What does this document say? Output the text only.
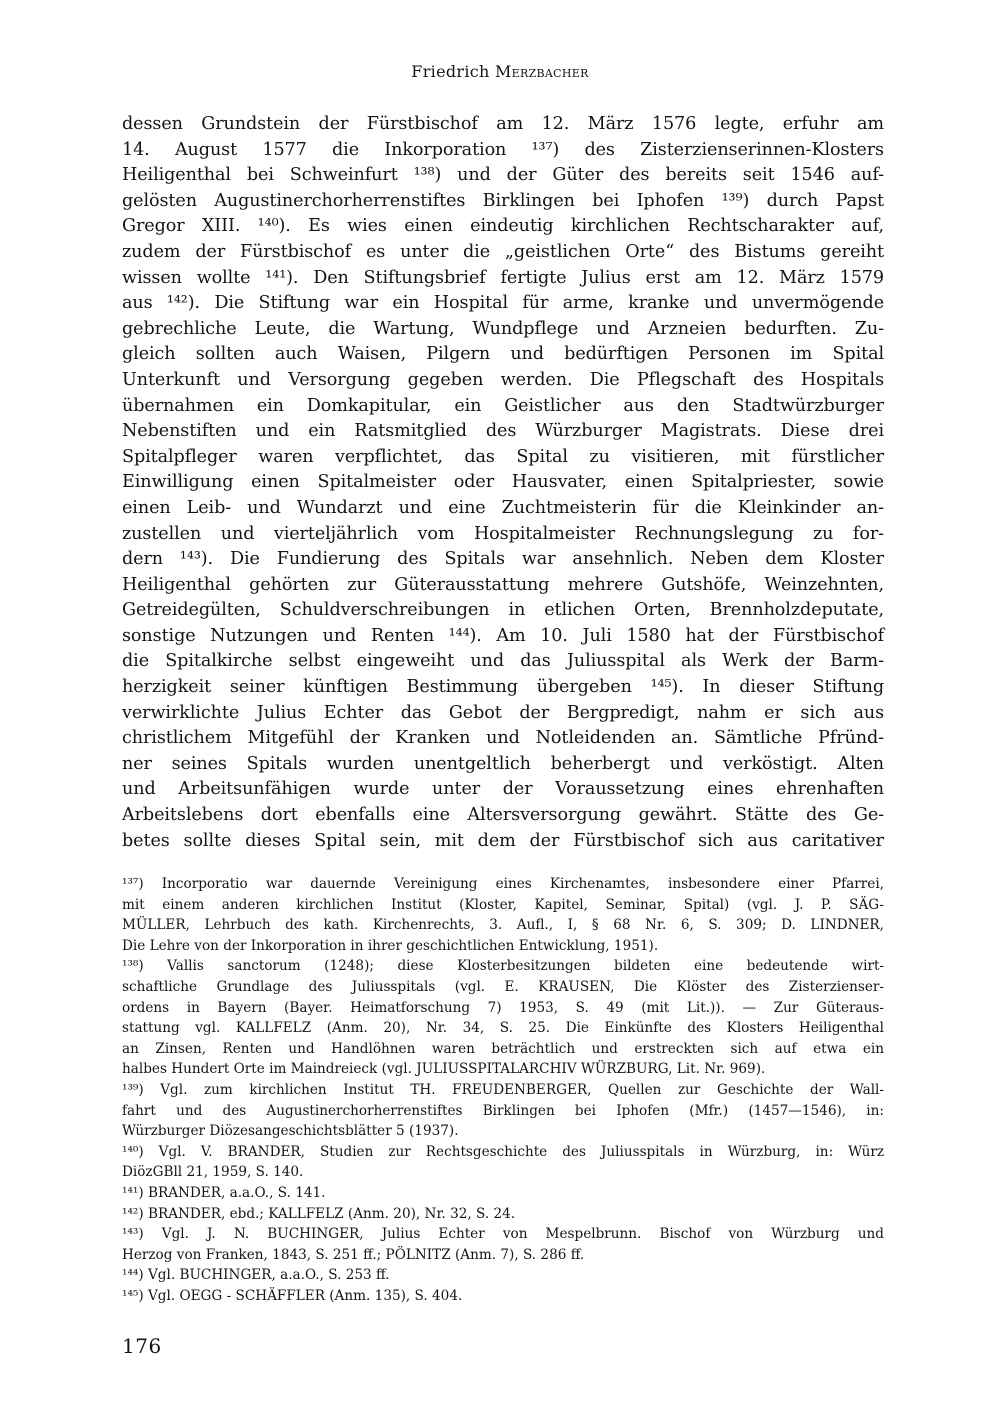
Friedrich Merzbacher
dessen Grundstein der Fürstbischof am 12. März 1576 legte, erfuhr am
14. August 1577 die Inkorporation ¹³⁷) des Zisterzienserinnen-Klosters
Heiligenthal bei Schweinfurt ¹³⁸) und der Güter des bereits seit 1546 auf-
gelösten Augustinerchorherrenstiftes Birklingen bei Iphofen ¹³⁹) durch Papst
Gregor XIII. ¹⁴⁰). Es wies einen eindeutig kirchlichen Rechtscharakter auf,
zudem der Fürstbischof es unter die „geistlichen Orte“ des Bistums gereiht
wissen wollte ¹⁴¹). Den Stiftungsbrief fertigte Julius erst am 12. März 1579
aus ¹⁴²). Die Stiftung war ein Hospital für arme, kranke und unvermögende
gebrechliche Leute, die Wartung, Wundpflege und Arzneien bedurften. Zu-
gleich sollten auch Waisen, Pilgern und bedürftigen Personen im Spital
Unterkunft und Versorgung gegeben werden. Die Pflegschaft des Hospitals
übernahmen ein Domkapitular, ein Geistlicher aus den Stadtwürzburger
Nebenstiften und ein Ratsmitglied des Würzburger Magistrats. Diese drei
Spitalpfleger waren verpflichtet, das Spital zu visitieren, mit fürstlicher
Einwilligung einen Spitalmeister oder Hausvater, einen Spitalpriester, sowie
einen Leib- und Wundarzt und eine Zuchtmeisterin für die Kleinkinder an-
zustellen und vierteljährlich vom Hospitalmeister Rechnungslegung zu for-
dern ¹⁴³). Die Fundierung des Spitals war ansehnlich. Neben dem Kloster
Heiligenthal gehörten zur Güterausstattung mehrere Gutshöfe, Weinzehnten,
Getreidegülten, Schuldverschreibungen in etlichen Orten, Brennholzdeputate,
sonstige Nutzungen und Renten ¹⁴⁴). Am 10. Juli 1580 hat der Fürstbischof
die Spitalkirche selbst eingeweiht und das Juliusspital als Werk der Barm-
herzigkeit seiner künftigen Bestimmung übergeben ¹⁴⁵). In dieser Stiftung
verwirklichte Julius Echter das Gebot der Bergpredigt, nahm er sich aus
christlichem Mitgefühl der Kranken und Notleidenden an. Sämtliche Pfründ-
ner seines Spitals wurden unentgeltlich beherbergt und verköstigt. Alten
und Arbeitsunfähigen wurde unter der Voraussetzung eines ehrenhaften
Arbeitslebens dort ebenfalls eine Altersversorgung gewährt. Stätte des Ge-
betes sollte dieses Spital sein, mit dem der Fürstbischof sich aus caritativer
¹³⁷) Incorporatio war dauernde Vereinigung eines Kirchenamtes, insbesondere einer Pfarrei,
mit einem anderen kirchlichen Institut (Kloster, Kapitel, Seminar, Spital) (vgl. J. P. SÄG-
MÜLLER, Lehrbuch des kath. Kirchenrechts, 3. Aufl., I, § 68 Nr. 6, S. 309; D. LINDNER,
Die Lehre von der Inkorporation in ihrer geschichtlichen Entwicklung, 1951).
¹³⁸) Vallis sanctorum (1248); diese Klosterbesitzungen bildeten eine bedeutende wirt-
schaftliche Grundlage des Juliusspitals (vgl. E. KRAUSEN, Die Klöster des Zisterzienser-
ordens in Bayern (Bayer. Heimatforschung 7) 1953, S. 49 (mit Lit.)). — Zur Güteraus-
stattung vgl. KALLFELZ (Anm. 20), Nr. 34, S. 25. Die Einkünfte des Klosters Heiligenthal
an Zinsen, Renten und Handlöhnen waren beträchtlich und erstreckten sich auf etwa ein
halbes Hundert Orte im Maindreieck (vgl. JULIUSSPITALARCHIV WÜRZBURG, Lit. Nr. 969).
¹³⁹) Vgl. zum kirchlichen Institut TH. FREUDENBERGER, Quellen zur Geschichte der Wall-
fahrt und des Augustinerchorherrenstiftes Birklingen bei Iphofen (Mfr.) (1457—1546), in:
Würzburger Diözesangeschichtsblätter 5 (1937).
¹⁴⁰) Vgl. V. BRANDER, Studien zur Rechtsgeschichte des Juliusspitals in Würzburg, in: Würz
DiözGBll 21, 1959, S. 140.
¹⁴¹) BRANDER, a.a.O., S. 141.
¹⁴²) BRANDER, ebd.; KALLFELZ (Anm. 20), Nr. 32, S. 24.
¹⁴³) Vgl. J. N. BUCHINGER, Julius Echter von Mespelbrunn. Bischof von Würzburg und
Herzog von Franken, 1843, S. 251 ff.; PÖLNITZ (Anm. 7), S. 286 ff.
¹⁴⁴) Vgl. BUCHINGER, a.a.O., S. 253 ff.
¹⁴⁵) Vgl. OEGG - SCHÄFFLER (Anm. 135), S. 404.
176
